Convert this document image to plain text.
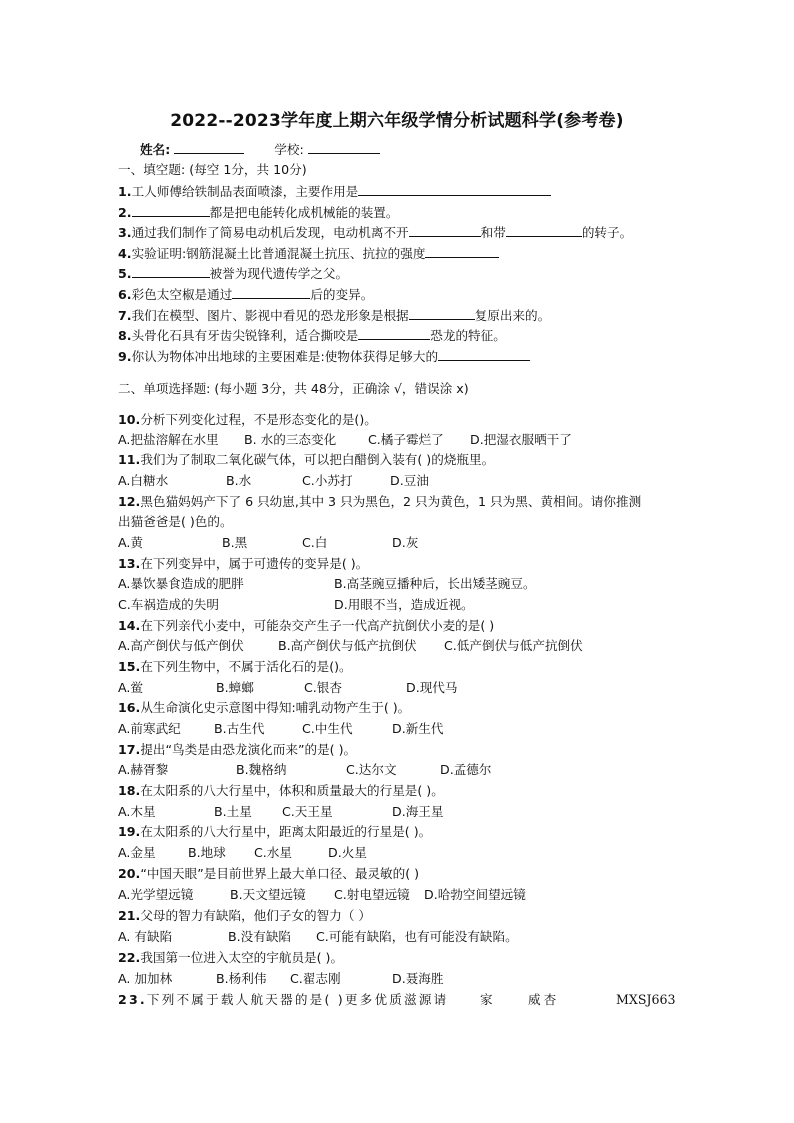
2022--2023学年度上期六年级学情分析试题科学(参考卷)
姓名:	学校:
一、填空题: (每空 1分，共 10分)
1.工人师傅给铁制品表面喷漆，主要作用是
2.	都是把电能转化成机械能的装置。
3.通过我们制作了简易电动机后发现，电动机离不开	和带	的转子。
4.实验证明:钢筋混凝土比普通混凝土抗压、抗拉的强度
5.	被誉为现代遗传学之父。
6.彩色太空椒是通过	后的变异。
7.我们在模型、图片、影视中看见的恐龙形象是根据	复原出来的。
8.头骨化石具有牙齿尖锐锋利，适合撕咬是	恐龙的特征。
9.你认为物体冲出地球的主要困难是:使物体获得足够大的
二、单项选择题: (每小题 3分，共 48分，正确涂 √，错误涂 x)
10.分析下列变化过程，不是形态变化的是()。
A.把盐溶解在水里 B. 水的三态变化	C.橘子霉烂了 D.把湿衣服晒干了
11.我们为了制取二氧化碳气体，可以把白醋倒入装有( )的烧瓶里。
A.白糖水	B.水	C.小苏打	D.豆油
12.黑色猫妈妈产下了 6 只幼崽,其中 3 只为黑色，2 只为黄色，1 只为黑、黄相间。请你推测
出猫爸爸是( )色的。
A.黄	B.黑	C.白	D.灰
13.在下列变异中，属于可遗传的变异是( )。
A.暴饮暴食造成的肥胖	B.高茎豌豆播种后，长出矮茎豌豆。
C.车祸造成的失明	D.用眼不当，造成近视。
14.在下列亲代小麦中，可能杂交产生子一代高产抗倒伏小麦的是( )
A.高产倒伏与低产倒伏	B.高产倒伏与低产抗倒伏 C.低产倒伏与低产抗倒伏
15.在下列生物中，不属于活化石的是()。
A.鲎	B.蟑螂	C.银杏	D.现代马
16.从生命演化史示意图中得知:哺乳动物产生于( )。
A.前寒武纪	B.古生代	C.中生代	D.新生代
17.提出“鸟类是由恐龙演化而来”的是( )。
A.赫胥黎	B.魏格纳	C.达尔文	D.孟德尔
18.在太阳系的八大行星中，体积和质量最大的行星是( )。
A.木星	B.土星 C.天王星	D.海王星
19.在太阳系的八大行星中，距离太阳最近的行星是( )。
A.金星	B.地球 C.水星	D.火星
20.“中国天眼”是目前世界上最大单口径、最灵敏的( )
A.光学望远镜	B.天文望远镜 C.射电望远镜 D.哈勃空间望远镜
21.父母的智力有缺陷，他们子女的智力（ ）
A. 有缺陷	B.没有缺陷 C.可能有缺陷，也有可能没有缺陷。
22.我国第一位进入太空的宇航员是( )。
A. 加加林	B.杨利伟 C.翟志刚	D.聂海胜
23.下列不属于载人航天器的是( )更多优质滋源请	家	威杏	MXSJ663
